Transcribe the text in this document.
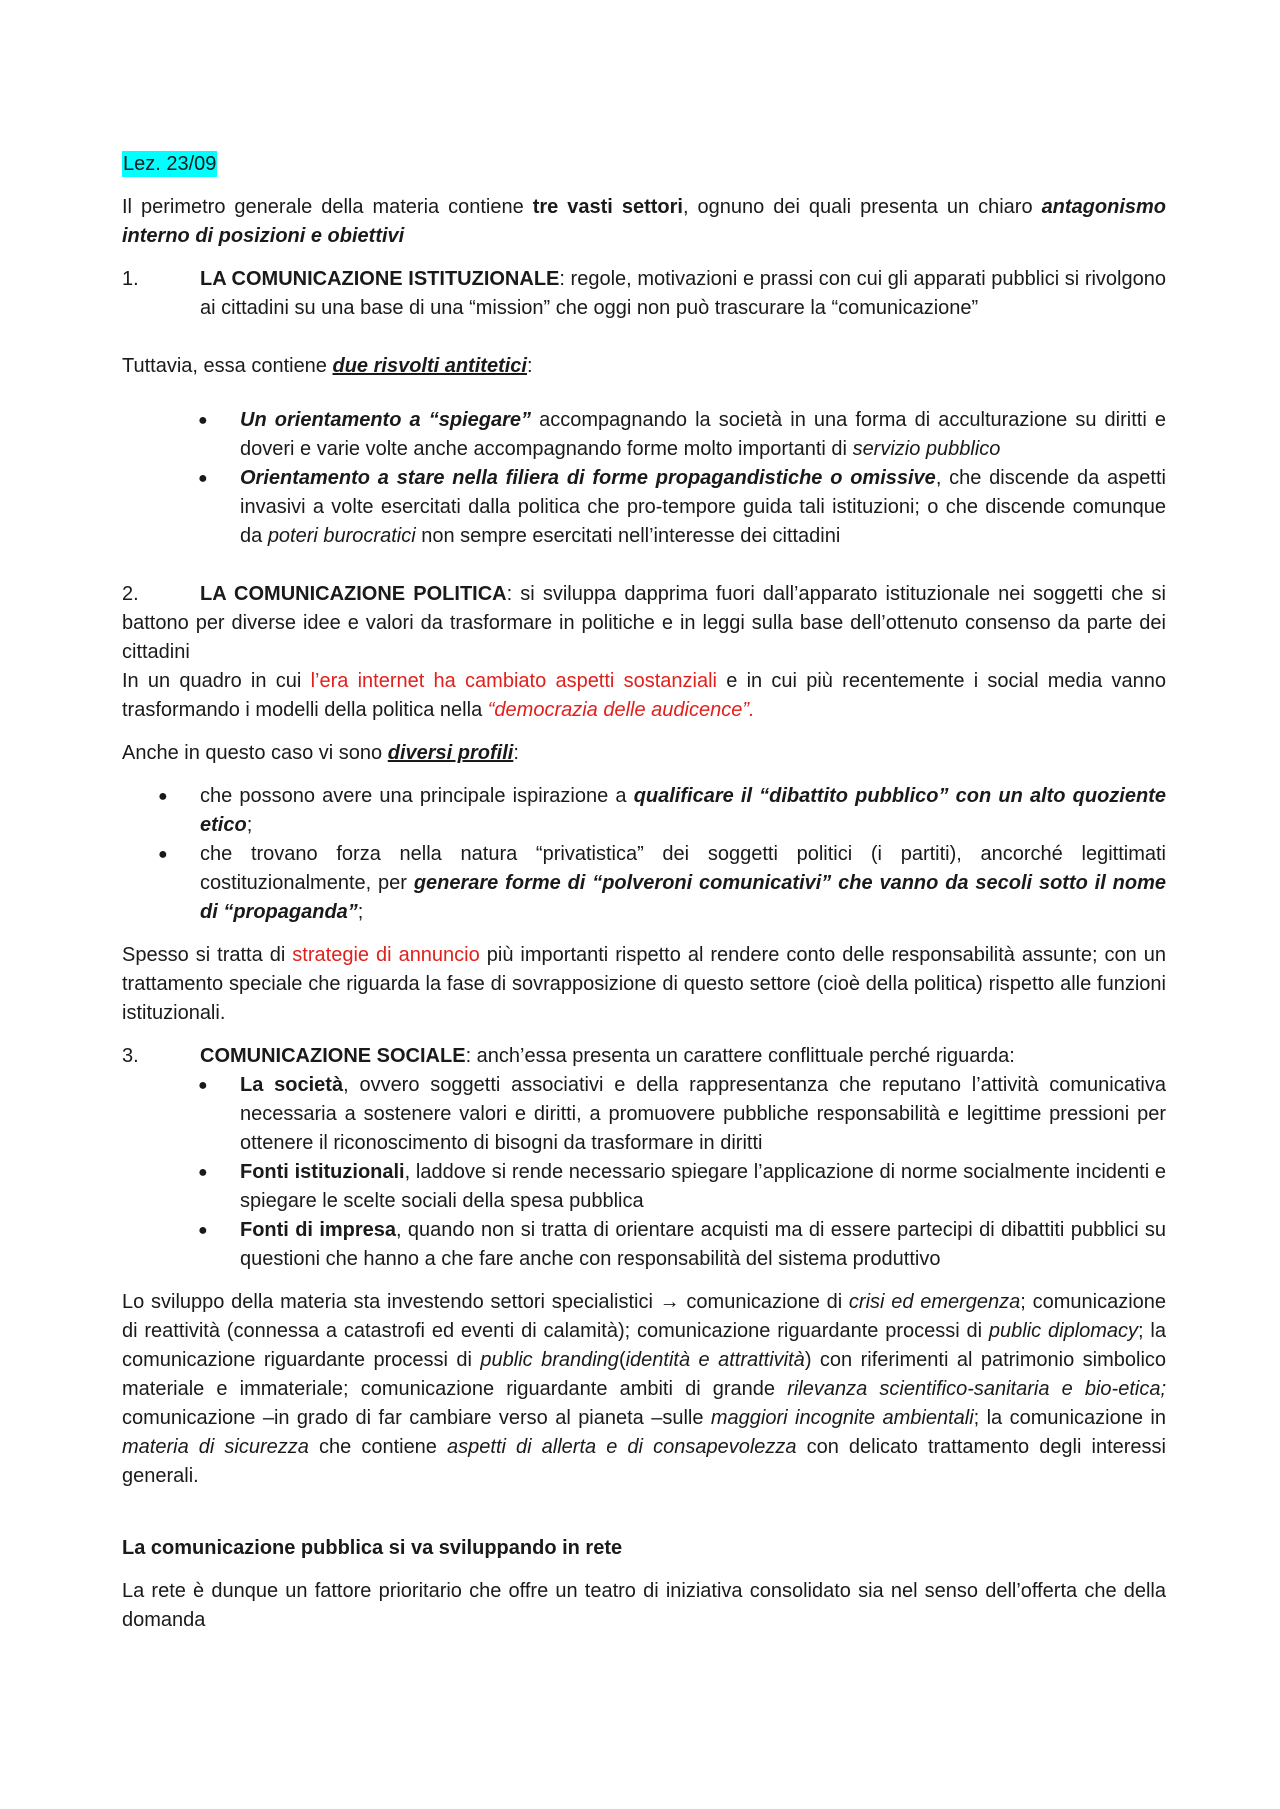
Lez. 23/09

Il perimetro generale della materia contiene tre vasti settori, ognuno dei quali presenta un chiaro antagonismo interno di posizioni e obiettivi

1.	LA COMUNICAZIONE ISTITUZIONALE: regole, motivazioni e prassi con cui gli apparati pubblici si rivolgono ai cittadini su una base di una “mission” che oggi non può trascurare la “comunicazione”

Tuttavia, essa contiene due risvolti antitetici:

● Un orientamento a “spiegare” accompagnando la società in una forma di acculturazione su diritti e doveri e varie volte anche accompagnando forme molto importanti di servizio pubblico
● Orientamento a stare nella filiera di forme propagandistiche o omissive, che discende da aspetti invasivi a volte esercitati dalla politica che pro-tempore guida tali istituzioni; o che discende comunque da poteri burocratici non sempre esercitati nell’interesse dei cittadini

2.	LA COMUNICAZIONE POLITICA: si sviluppa dapprima fuori dall’apparato istituzionale nei soggetti che si battono per diverse idee e valori da trasformare in politiche e in leggi sulla base dell’ottenuto consenso da parte dei cittadini

In un quadro in cui l’era internet ha cambiato aspetti sostanziali e in cui più recentemente i social media vanno trasformando i modelli della politica nella “democrazia delle audicence”.

Anche in questo caso vi sono diversi profili:

● che possono avere una principale ispirazione a qualificare il “dibattito pubblico” con un alto quoziente etico;
● che trovano forza nella natura “privatistica” dei soggetti politici (i partiti), ancorché legittimati costituzionalmente, per generare forme di “polveroni comunicativi” che vanno da secoli sotto il nome di “propaganda”;

Spesso si tratta di strategie di annuncio più importanti rispetto al rendere conto delle responsabilità assunte; con un trattamento speciale che riguarda la fase di sovrapposizione di questo settore (cioè della politica) rispetto alle funzioni istituzionali.

3.	COMUNICAZIONE SOCIALE: anch’essa presenta un carattere conflittuale perché riguarda:

● La società, ovvero soggetti associativi e della rappresentanza che reputano l’attività comunicativa necessaria a sostenere valori e diritti, a promuovere pubbliche responsabilità e legittime pressioni per ottenere il riconoscimento di bisogni da trasformare in diritti
● Fonti istituzionali, laddove si rende necessario spiegare l’applicazione di norme socialmente incidenti e spiegare le scelte sociali della spesa pubblica
● Fonti di impresa, quando non si tratta di orientare acquisti ma di essere partecipi di dibattiti pubblici su questioni che hanno a che fare anche con responsabilità del sistema produttivo

Lo sviluppo della materia sta investendo settori specialistici → comunicazione di crisi ed emergenza; comunicazione di reattività (connessa a catastrofi ed eventi di calamità); comunicazione riguardante processi di public diplomacy; la comunicazione riguardante processi di public branding(identità e attrattività) con riferimenti al patrimonio simbolico materiale e immateriale; comunicazione riguardante ambiti di grande rilevanza scientifico-sanitaria e bio-etica; comunicazione –in grado di far cambiare verso al pianeta –sulle maggiori incognite ambientali; la comunicazione in materia di sicurezza che contiene aspetti di allerta e di consapevolezza con delicato trattamento degli interessi generali.

La comunicazione pubblica si va sviluppando in rete

La rete è dunque un fattore prioritario che offre un teatro di iniziativa consolidato sia nel senso dell’offerta che della domanda
